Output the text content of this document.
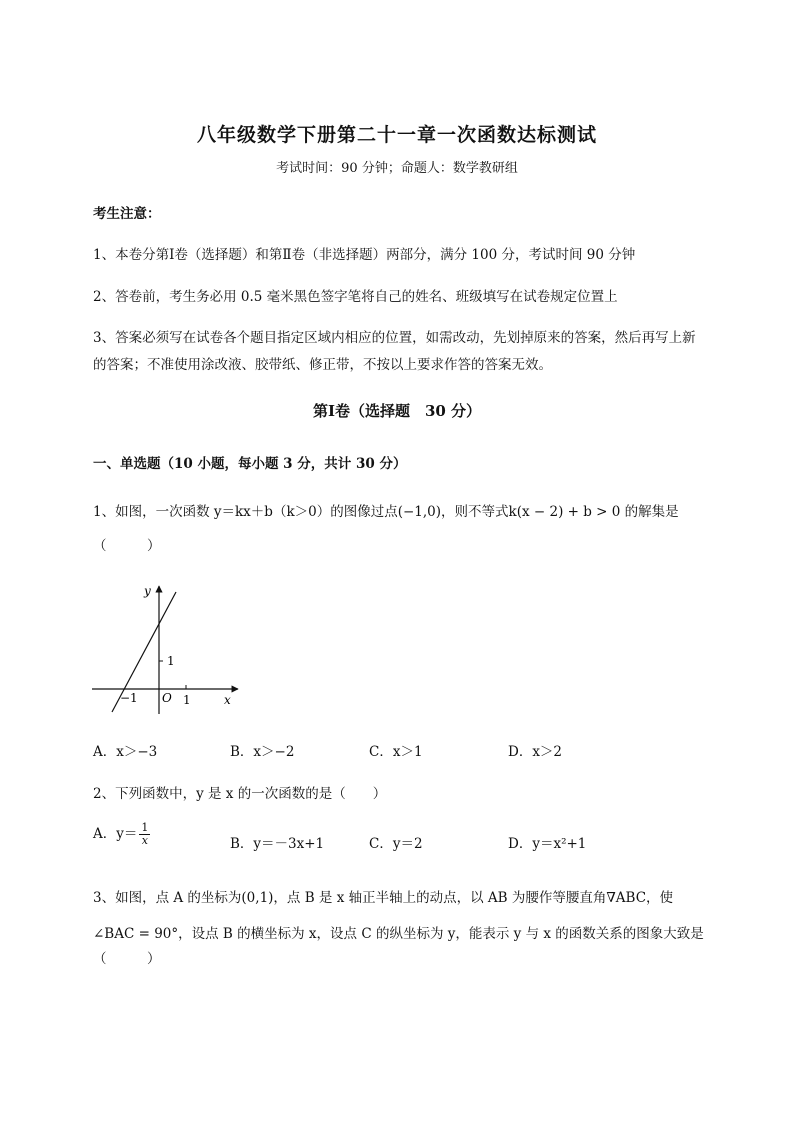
八年级数学下册第二十一章一次函数达标测试
考试时间：90 分钟；命题人：数学教研组
考生注意：
1、本卷分第Ⅰ卷（选择题）和第Ⅱ卷（非选择题）两部分，满分 100 分，考试时间 90 分钟
2、答卷前，考生务必用 0.5 毫米黑色签字笔将自己的姓名、班级填写在试卷规定位置上
3、答案必须写在试卷各个题目指定区域内相应的位置，如需改动，先划掉原来的答案，然后再写上新
的答案；不准使用涂改液、胶带纸、修正带，不按以上要求作答的答案无效。
第Ⅰ卷（选择题　30 分）
一、单选题（10 小题，每小题 3 分，共计 30 分）
1、如图，一次函数 y＝kx＋b（k＞0）的图像过点(−1,0)，则不等式k(x − 2) + b > 0 的解集是
（　　　）
y
x
O
−1	1
1
A．x＞−3	B．x＞−2	C．x＞1	D．x＞2
2、下列函数中，y 是 x 的一次函数的是（　　）
A．$y= \frac{1}{x}$	B．y＝－3x+1	C．y＝2	D．y＝x²+1
3、如图，点 A 的坐标为(0,1)，点 B 是 x 轴正半轴上的动点，以 AB 为腰作等腰直角∇ABC，使
∠BAC = 90°，设点 B 的横坐标为 x，设点 C 的纵坐标为 y，能表示 y 与 x 的函数关系的图象大致是
（　　　）
